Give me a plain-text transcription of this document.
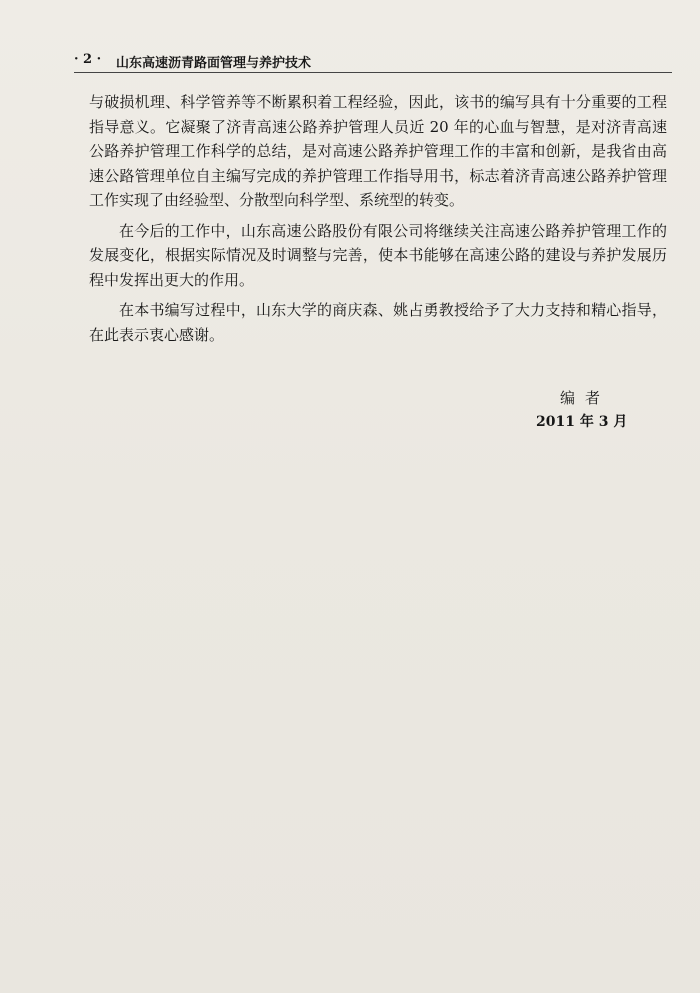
· 2 · 山东高速沥青路面管理与养护技术

与破损机理、科学管养等不断累积着工程经验，因此，该书的编写具有十分重要的工程指导意义。它凝聚了济青高速公路养护管理人员近 20 年的心血与智慧，是对济青高速公路养护管理工作科学的总结，是对高速公路养护管理工作的丰富和创新，是我省由高速公路管理单位自主编写完成的养护管理工作指导用书，标志着济青高速公路养护管理工作实现了由经验型、分散型向科学型、系统型的转变。

在今后的工作中，山东高速公路股份有限公司将继续关注高速公路养护管理工作的发展变化，根据实际情况及时调整与完善，使本书能够在高速公路的建设与养护发展历程中发挥出更大的作用。

在本书编写过程中，山东大学的商庆森、姚占勇教授给予了大力支持和精心指导，在此表示衷心感谢。

编者
2011 年 3 月
